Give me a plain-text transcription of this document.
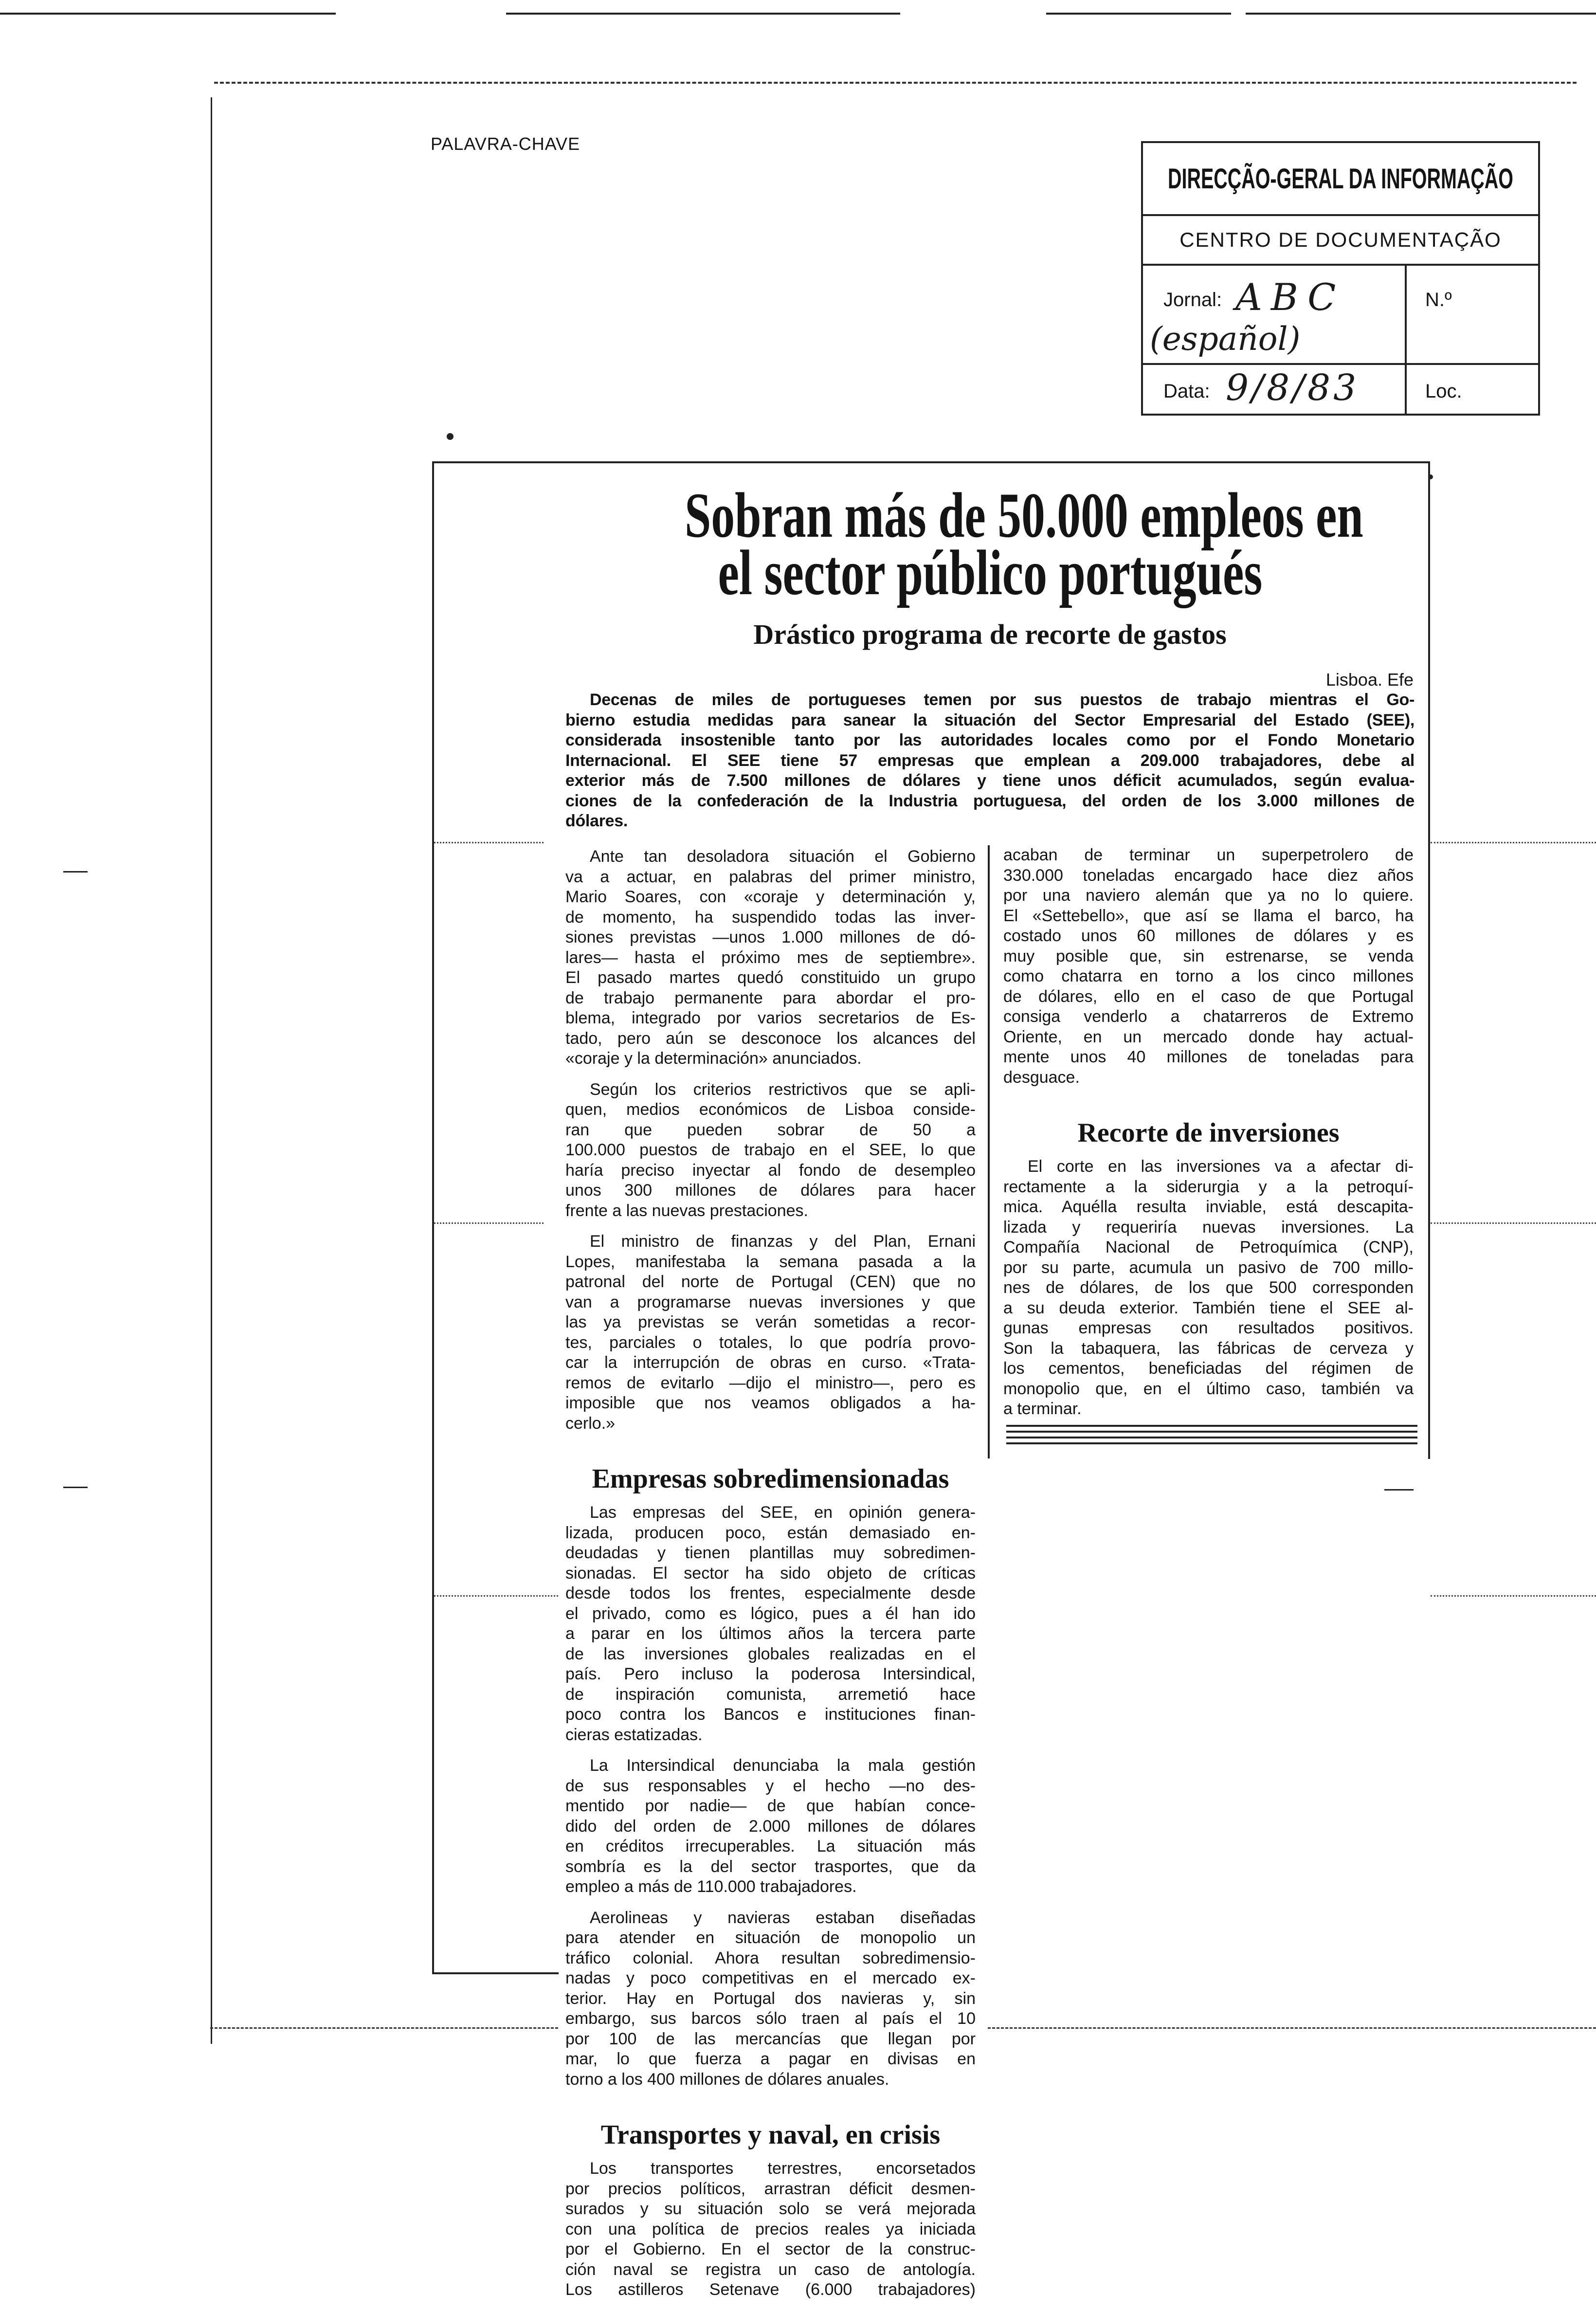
PALAVRA-CHAVE
DIRECÇÃO-GERAL DA INFORMAÇÃO
CENTRO DE DOCUMENTAÇÃO
Jornal: ABC
(español)
N.º
Data: 9/8/83	Loc.
Sobran más de 50.000 empleos en
el sector público portugués
Drástico programa de recorte de gastos
Lisboa. Efe
Decenas de miles de portugueses temen por sus puestos de trabajo mientras el Go-
bierno estudia medidas para sanear la situación del Sector Empresarial del Estado (SEE),
considerada insostenible tanto por las autoridades locales como por el Fondo Monetario
Internacional. El SEE tiene 57 empresas que emplean a 209.000 trabajadores, debe al
exterior más de 7.500 millones de dólares y tiene unos déficit acumulados, según evalua-
ciones de la confederación de la Industria portuguesa, del orden de los 3.000 millones de
dólares.
Ante tan desoladora situación el Gobierno
va a actuar, en palabras del primer ministro,
Mario Soares, con «coraje y determinación y,
de momento, ha suspendido todas las inver-
siones previstas —unos 1.000 millones de dó-
lares— hasta el próximo mes de septiembre».
El pasado martes quedó constituido un grupo
de trabajo permanente para abordar el pro-
blema, integrado por varios secretarios de Es-
tado, pero aún se desconoce los alcances del
«coraje y la determinación» anunciados.
Según los criterios restrictivos que se apli-
quen, medios económicos de Lisboa conside-
ran que pueden sobrar de 50 a
100.000 puestos de trabajo en el SEE, lo que
haría preciso inyectar al fondo de desempleo
unos 300 millones de dólares para hacer
frente a las nuevas prestaciones.
El ministro de finanzas y del Plan, Ernani
Lopes, manifestaba la semana pasada a la
patronal del norte de Portugal (CEN) que no
van a programarse nuevas inversiones y que
las ya previstas se verán sometidas a recor-
tes, parciales o totales, lo que podría provo-
car la interrupción de obras en curso. «Trata-
remos de evitarlo —dijo el ministro—, pero es
imposible que nos veamos obligados a ha-
cerlo.»
Empresas sobredimensionadas
Las empresas del SEE, en opinión genera-
lizada, producen poco, están demasiado en-
deudadas y tienen plantillas muy sobredimen-
sionadas. El sector ha sido objeto de críticas
desde todos los frentes, especialmente desde
el privado, como es lógico, pues a él han ido
a parar en los últimos años la tercera parte
de las inversiones globales realizadas en el
país. Pero incluso la poderosa Intersindical,
de inspiración comunista, arremetió hace
poco contra los Bancos e instituciones finan-
cieras estatizadas.
La Intersindical denunciaba la mala gestión
de sus responsables y el hecho —no des-
mentido por nadie— de que habían conce-
dido del orden de 2.000 millones de dólares
en créditos irrecuperables. La situación más
sombría es la del sector trasportes, que da
empleo a más de 110.000 trabajadores.
Aerolineas y navieras estaban diseñadas
para atender en situación de monopolio un
tráfico colonial. Ahora resultan sobredimensio-
nadas y poco competitivas en el mercado ex-
terior. Hay en Portugal dos navieras y, sin
embargo, sus barcos sólo traen al país el 10
por 100 de las mercancías que llegan por
mar, lo que fuerza a pagar en divisas en
torno a los 400 millones de dólares anuales.
Transportes y naval, en crisis
Los transportes terrestres, encorsetados
por precios políticos, arrastran déficit desmen-
surados y su situación solo se verá mejorada
con una política de precios reales ya iniciada
por el Gobierno. En el sector de la construc-
ción naval se registra un caso de antología.
Los astilleros Setenave (6.000 trabajadores)
acaban de terminar un superpetrolero de
330.000 toneladas encargado hace diez años
por una naviero alemán que ya no lo quiere.
El «Settebello», que así se llama el barco, ha
costado unos 60 millones de dólares y es
muy posible que, sin estrenarse, se venda
como chatarra en torno a los cinco millones
de dólares, ello en el caso de que Portugal
consiga venderlo a chatarreros de Extremo
Oriente, en un mercado donde hay actual-
mente unos 40 millones de toneladas para
desguace.
Recorte de inversiones
El corte en las inversiones va a afectar di-
rectamente a la siderurgia y a la petroquí-
mica. Aquélla resulta inviable, está descapita-
lizada y requeriría nuevas inversiones. La
Compañía Nacional de Petroquímica (CNP),
por su parte, acumula un pasivo de 700 millo-
nes de dólares, de los que 500 corresponden
a su deuda exterior. También tiene el SEE al-
gunas empresas con resultados positivos.
Son la tabaquera, las fábricas de cerveza y
los cementos, beneficiadas del régimen de
monopolio que, en el último caso, también va
a terminar.
